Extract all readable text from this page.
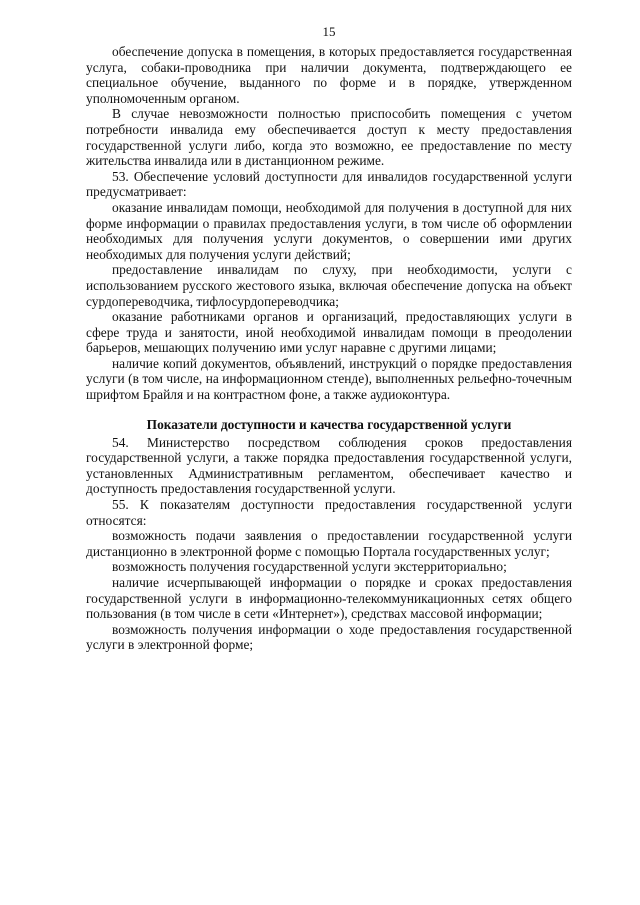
15

обеспечение допуска в помещения, в которых предоставляется государственная услуга, собаки-проводника при наличии документа, подтверждающего ее специальное обучение, выданного по форме и в порядке, утвержденном уполномоченным органом.

В случае невозможности полностью приспособить помещения с учетом потребности инвалида ему обеспечивается доступ к месту предоставления государственной услуги либо, когда это возможно, ее предоставление по месту жительства инвалида или в дистанционном режиме.

53. Обеспечение условий доступности для инвалидов государственной услуги предусматривает:

оказание инвалидам помощи, необходимой для получения в доступной для них форме информации о правилах предоставления услуги, в том числе об оформлении необходимых для получения услуги документов, о совершении ими других необходимых для получения услуги действий;

предоставление инвалидам по слуху, при необходимости, услуги с использованием русского жестового языка, включая обеспечение допуска на объект сурдопереводчика, тифлосурдопереводчика;

оказание работниками органов и организаций, предоставляющих услуги в сфере труда и занятости, иной необходимой инвалидам помощи в преодолении барьеров, мешающих получению ими услуг наравне с другими лицами;

наличие копий документов, объявлений, инструкций о порядке предоставления услуги (в том числе, на информационном стенде), выполненных рельефно-точечным шрифтом Брайля и на контрастном фоне, а также аудиоконтура.

Показатели доступности и качества государственной услуги

54. Министерство посредством соблюдения сроков предоставления государственной услуги, а также порядка предоставления государственной услуги, установленных Административным регламентом, обеспечивает качество и доступность предоставления государственной услуги.

55. К показателям доступности предоставления государственной услуги относятся:

возможность подачи заявления о предоставлении государственной услуги дистанционно в электронной форме с помощью Портала государственных услуг;

возможность получения государственной услуги экстерриториально;

наличие исчерпывающей информации о порядке и сроках предоставления государственной услуги в информационно-телекоммуникационных сетях общего пользования (в том числе в сети «Интернет»), средствах массовой информации;

возможность получения информации о ходе предоставления государственной услуги в электронной форме;
